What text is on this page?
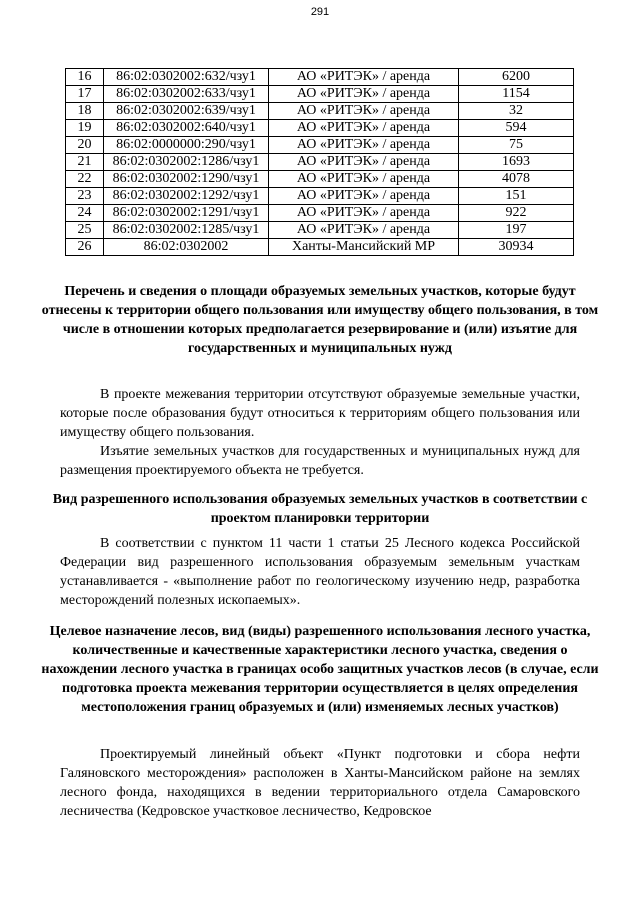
291
16	86:02:0302002:632/чзу1	АО «РИТЭК» / аренда	6200
17	86:02:0302002:633/чзу1	АО «РИТЭК» / аренда	1154
18	86:02:0302002:639/чзу1	АО «РИТЭК» / аренда	32
19	86:02:0302002:640/чзу1	АО «РИТЭК» / аренда	594
20	86:02:0000000:290/чзу1	АО «РИТЭК» / аренда	75
21	86:02:0302002:1286/чзу1	АО «РИТЭК» / аренда	1693
22	86:02:0302002:1290/чзу1	АО «РИТЭК» / аренда	4078
23	86:02:0302002:1292/чзу1	АО «РИТЭК» / аренда	151
24	86:02:0302002:1291/чзу1	АО «РИТЭК» / аренда	922
25	86:02:0302002:1285/чзу1	АО «РИТЭК» / аренда	197
26	86:02:0302002	Ханты-Мансийский МР	30934
Перечень и сведения о площади образуемых земельных участков, которые будут отнесены к территории общего пользования или имуществу общего пользования, в том числе в отношении которых предполагается резервирование и (или) изъятие для государственных и муниципальных нужд

В проекте межевания территории отсутствуют образуемые земельные участки, которые после образования будут относиться к территориям общего пользования или имуществу общего пользования.

Изъятие земельных участков для государственных и муниципальных нужд для размещения проектируемого объекта не требуется.

Вид разрешенного использования образуемых земельных участков в соответствии с проектом планировки территории

В соответствии с пунктом 11 части 1 статьи 25 Лесного кодекса Российской Федерации вид разрешенного использования образуемым земельным участкам устанавливается - «выполнение работ по геологическому изучению недр, разработка месторождений полезных ископаемых».

Целевое назначение лесов, вид (виды) разрешенного использования лесного участка, количественные и качественные характеристики лесного участка, сведения о нахождении лесного участка в границах особо защитных участков лесов (в случае, если подготовка проекта межевания территории осуществляется в целях определения местоположения границ образуемых и (или) изменяемых лесных участков)

Проектируемый линейный объект «Пункт подготовки и сбора нефти Галяновского месторождения» расположен в Ханты-Мансийском районе на землях лесного фонда, находящихся в ведении территориального отдела Самаровского лесничества (Кедровское участковое лесничество, Кедровское
